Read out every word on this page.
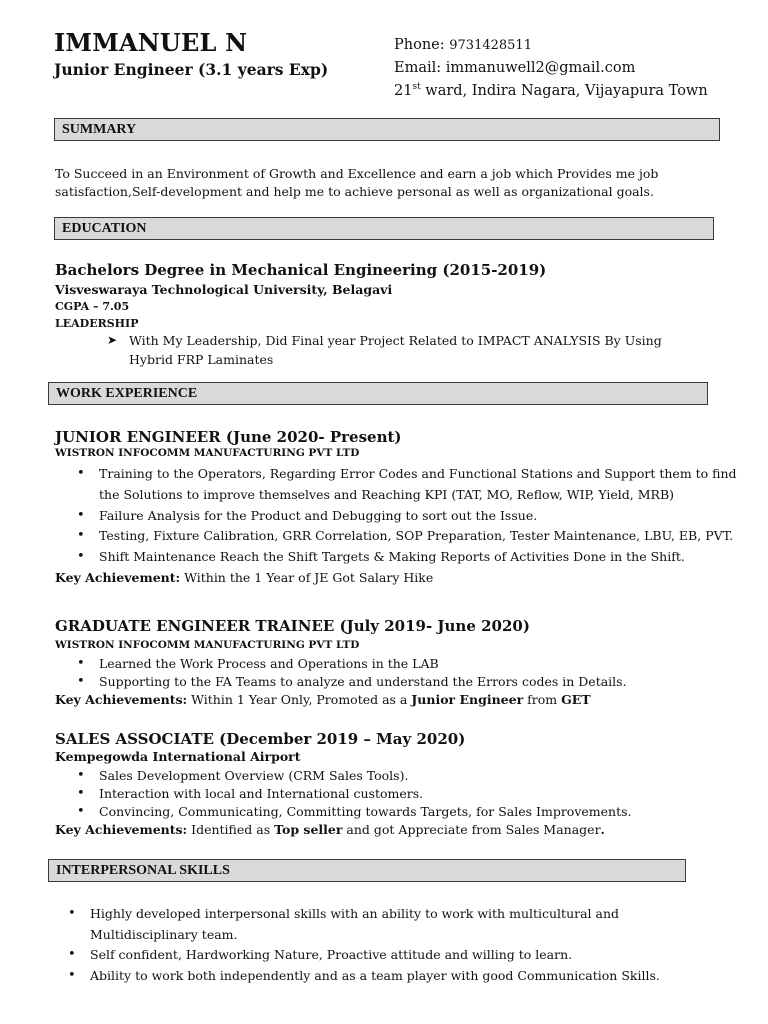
IMMANUEL N
Junior Engineer (3.1 years Exp)
Phone: 9731428511
Email: immanuwell2@gmail.com
21st ward, Indira Nagara, Vijayapura Town
SUMMARY
To Succeed in an Environment of Growth and Excellence and earn a job which Provides me job
satisfaction,Self-development and help me to achieve personal as well as organizational goals.
EDUCATION
Bachelors Degree in Mechanical Engineering (2015-2019)
Visveswaraya Technological University, Belagavi
CGPA – 7.05
LEADERSHIP
➤ With My Leadership, Did Final year Project Related to IMPACT ANALYSIS By Using
Hybrid FRP Laminates
WORK EXPERIENCE
JUNIOR ENGINEER (June 2020- Present)
WISTRON INFOCOMM MANUFACTURING PVT LTD
• Training to the Operators, Regarding Error Codes and Functional Stations and Support them to find
the Solutions to improve themselves and Reaching KPI (TAT, MO, Reflow, WIP, Yield, MRB)
• Failure Analysis for the Product and Debugging to sort out the Issue.
• Testing, Fixture Calibration, GRR Correlation, SOP Preparation, Tester Maintenance, LBU, EB, PVT.
• Shift Maintenance Reach the Shift Targets & Making Reports of Activities Done in the Shift.
Key Achievement: Within the 1 Year of JE Got Salary Hike
GRADUATE ENGINEER TRAINEE (July 2019- June 2020)
WISTRON INFOCOMM MANUFACTURING PVT LTD
• Learned the Work Process and Operations in the LAB
• Supporting to the FA Teams to analyze and understand the Errors codes in Details.
Key Achievements: Within 1 Year Only, Promoted as a Junior Engineer from GET
SALES ASSOCIATE (December 2019 – May 2020)
Kempegowda International Airport
• Sales Development Overview (CRM Sales Tools).
• Interaction with local and International customers.
• Convincing, Communicating, Committing towards Targets, for Sales Improvements.
Key Achievements: Identified as Top seller and got Appreciate from Sales Manager.
INTERPERSONAL SKILLS
• Highly developed interpersonal skills with an ability to work with multicultural and
Multidisciplinary team.
• Self confident, Hardworking Nature, Proactive attitude and willing to learn.
• Ability to work both independently and as a team player with good Communication Skills.
